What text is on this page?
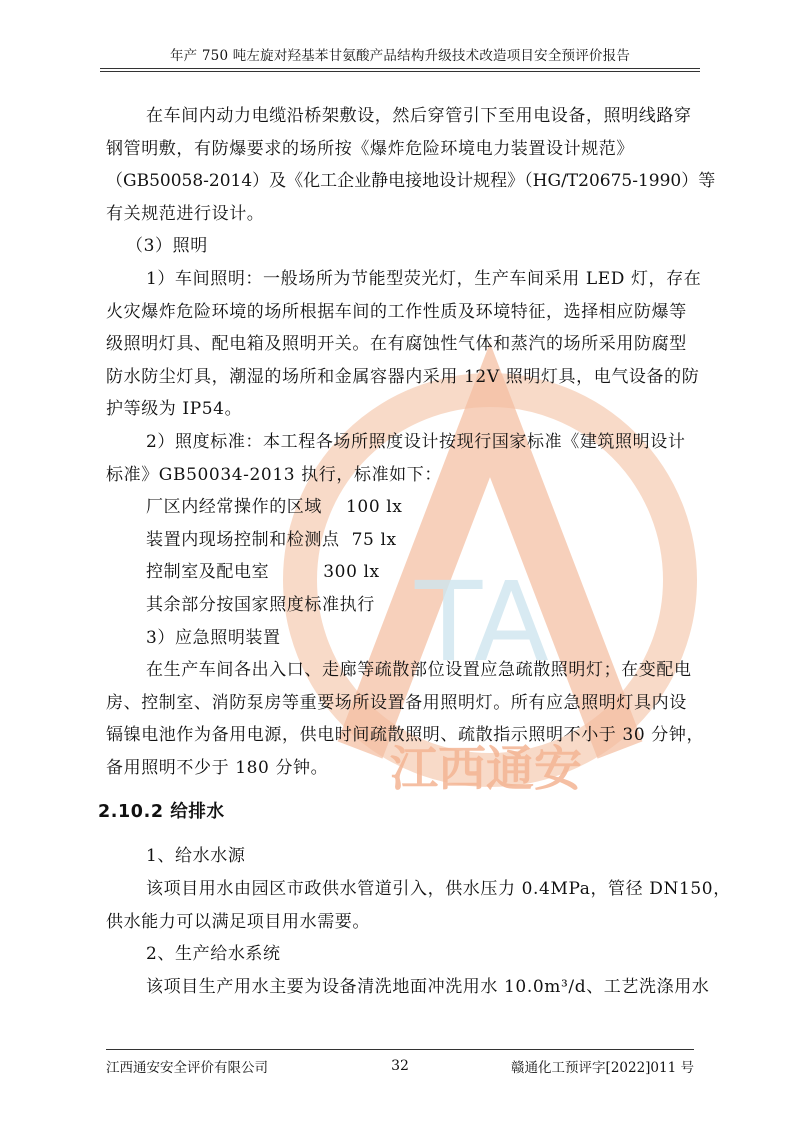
年产 750 吨左旋对羟基苯甘氨酸产品结构升级技术改造项目安全预评价报告
TA
江西通安
在车间内动力电缆沿桥架敷设，然后穿管引下至用电设备，照明线路穿
钢管明敷，有防爆要求的场所按《爆炸危险环境电力装置设计规范》
（GB50058-2014）及《化工企业静电接地设计规程》（HG/T20675-1990）等
有关规范进行设计。
（3）照明
1）车间照明：一般场所为节能型荧光灯，生产车间采用 LED 灯，存在
火灾爆炸危险环境的场所根据车间的工作性质及环境特征，选择相应防爆等
级照明灯具、配电箱及照明开关。在有腐蚀性气体和蒸汽的场所采用防腐型
防水防尘灯具，潮湿的场所和金属容器内采用 12V 照明灯具，电气设备的防
护等级为 IP54。
2）照度标准：本工程各场所照度设计按现行国家标准《建筑照明设计
标准》GB50034-2013 执行，标准如下：
厂区内经常操作的区域    100 lx
装置内现场控制和检测点  75 lx
控制室及配电室         300 lx
其余部分按国家照度标准执行
3）应急照明装置
在生产车间各出入口、走廊等疏散部位设置应急疏散照明灯；在变配电
房、控制室、消防泵房等重要场所设置备用照明灯。所有应急照明灯具内设
镉镍电池作为备用电源，供电时间疏散照明、疏散指示照明不小于 30 分钟，
备用照明不少于 180 分钟。
2.10.2 给排水
1、给水水源
该项目用水由园区市政供水管道引入，供水压力 0.4MPa，管径 DN150，
供水能力可以满足项目用水需要。
2、生产给水系统
该项目生产用水主要为设备清洗地面冲洗用水 10.0m³/d、工艺洗涤用水
江西通安安全评价有限公司	32	赣通化工预评字[2022]011 号
